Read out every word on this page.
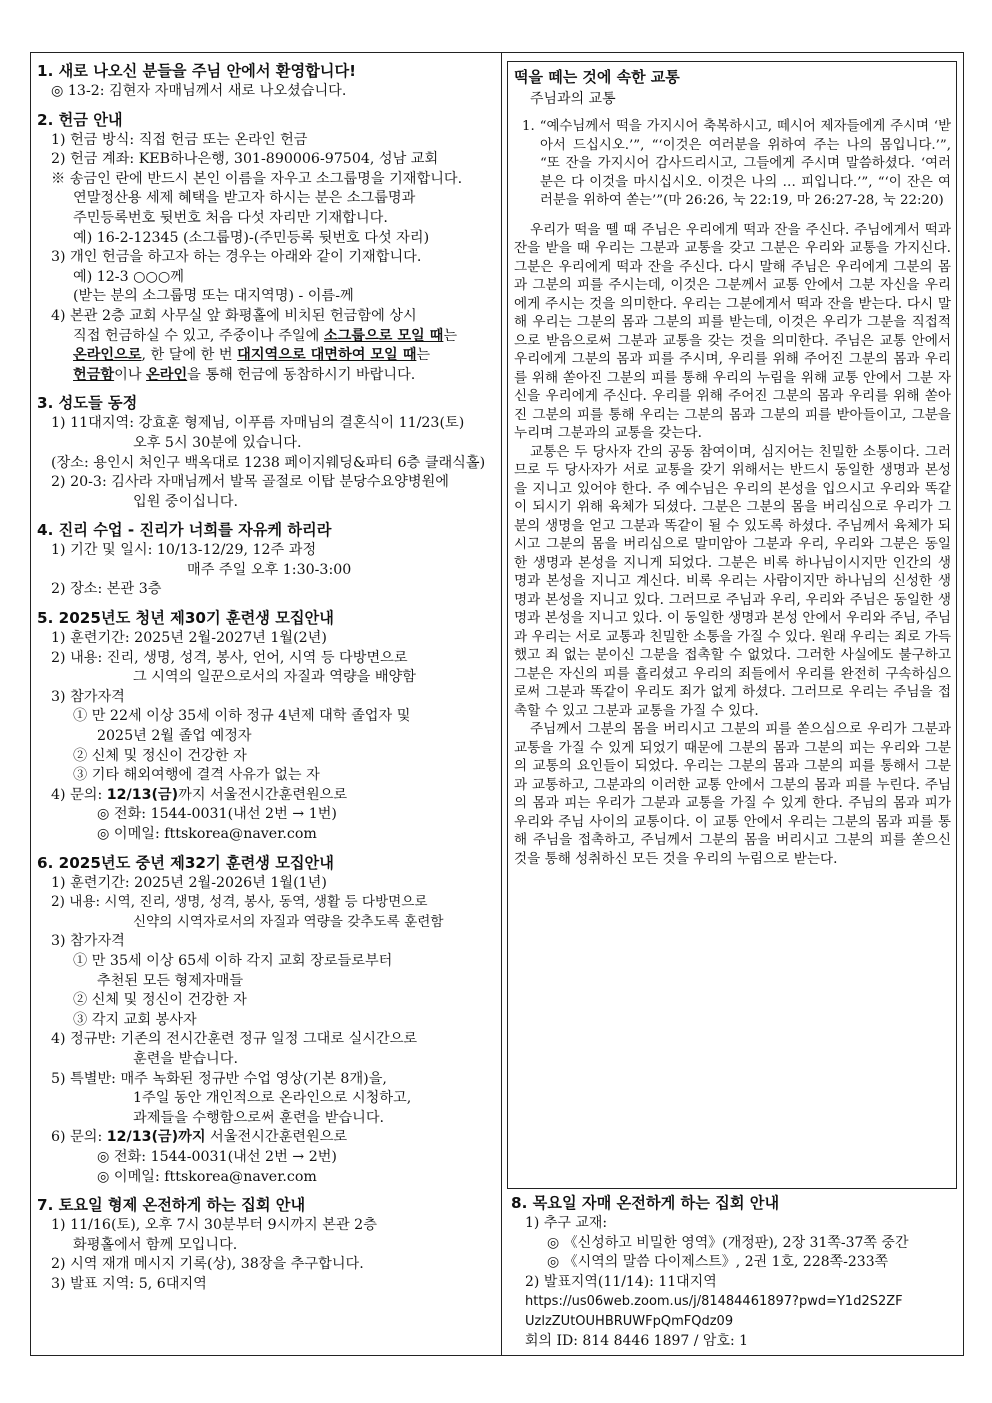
1. 새로 나오신 분들을 주님 안에서 환영합니다!
◎ 13-2: 김현자 자매님께서 새로 나오셨습니다.
2. 헌금 안내
1) 헌금 방식: 직접 헌금 또는 온라인 헌금
2) 헌금 계좌: KEB하나은행, 301-890006-97504, 성남 교회
※ 송금인 란에 반드시 본인 이름을 자우고 소그룹명을 기재합니다.
연말정산용 세제 혜택을 받고자 하시는 분은 소그룹명과
주민등록번호 뒷번호 처음 다섯 자리만 기재합니다.
예) 16-2-12345 (소그룹명)-(주민등록 뒷번호 다섯 자리)
3) 개인 헌금을 하고자 하는 경우는 아래와 같이 기재합니다.
예) 12-3 ○○○께
(받는 분의 소그룹명 또는 대지역명) - 이름-께
4) 본관 2층 교회 사무실 앞 화평홀에 비치된 헌금함에 상시
직접 헌금하실 수 있고, 주중이나 주일에 소그룹으로 모일 때는
온라인으로, 한 달에 한 번 대지역으로 대면하여 모일 때는
헌금함이나 온라인을 통해 헌금에 동참하시기 바랍니다.
3. 성도들 동정
1) 11대지역: 강효훈 형제님, 이푸름 자매님의 결혼식이 11/23(토)
오후 5시 30분에 있습니다.
(장소: 용인시 처인구 백옥대로 1238 페이지웨딩&파티 6층 클래식홀)
2) 20-3: 김사라 자매님께서 발목 골절로 이탑 분당수요양병원에
입원 중이십니다.
4. 진리 수업 - 진리가 너희를 자유케 하리라
1) 기간 및 일시: 10/13-12/29, 12주 과정
매주 주일 오후 1:30-3:00
2) 장소: 본관 3층
5. 2025년도 청년 제30기 훈련생 모집안내
1) 훈련기간: 2025년 2월-2027년 1월(2년)
2) 내용: 진리, 생명, 성격, 봉사, 언어, 시역 등 다방면으로
그 시역의 일꾼으로서의 자질과 역량을 배양함
3) 참가자격
① 만 22세 이상 35세 이하 정규 4년제 대학 졸업자 및
2025년 2월 졸업 예정자
② 신체 및 정신이 건강한 자
③ 기타 해외여행에 결격 사유가 없는 자
4) 문의: 12/13(금)까지 서울전시간훈련원으로
◎ 전화: 1544-0031(내선 2번 → 1번)
◎ 이메일: fttskorea@naver.com
6. 2025년도 중년 제32기 훈련생 모집안내
1) 훈련기간: 2025년 2월-2026년 1월(1년)
2) 내용: 시역, 진리, 생명, 성격, 봉사, 동역, 생활 등 다방면으로
신약의 시역자로서의 자질과 역량을 갖추도록 훈련함
3) 참가자격
① 만 35세 이상 65세 이하 각지 교회 장로들로부터
추천된 모든 형제자매들
② 신체 및 정신이 건강한 자
③ 각지 교회 봉사자
4) 정규반: 기존의 전시간훈련 정규 일정 그대로 실시간으로
훈련을 받습니다.
5) 특별반: 매주 녹화된 정규반 수업 영상(기본 8개)을,
1주일 동안 개인적으로 온라인으로 시청하고,
과제들을 수행함으로써 훈련을 받습니다.
6) 문의: 12/13(금)까지 서울전시간훈련원으로
◎ 전화: 1544-0031(내선 2번 → 2번)
◎ 이메일: fttskorea@naver.com
7. 토요일 형제 온전하게 하는 집회 안내
1) 11/16(토), 오후 7시 30분부터 9시까지 본관 2층
화평홀에서 함께 모입니다.
2) 시역 재개 메시지 기록(상), 38장을 추구합니다.
3) 발표 지역: 5, 6대지역
떡을 떼는 것에 속한 교통
주님과의 교통
1. “예수님께서 떡을 가지시어 축복하시고, 떼시어 제자들에게 주시며 ‘받아서 드십시오.’”, “‘이것은 여러분을 위하여 주는 나의 몸입니다.’”, “또 잔을 가지시어 감사드리시고, 그들에게 주시며 말씀하셨다. ‘여러분은 다 이것을 마시십시오. 이것은 나의 … 피입니다.’”, “‘이 잔은 여러분을 위하여 쏟는’”(마 26:26, 눅 22:19, 마 26:27-28, 눅 22:20)

우리가 떡을 뗄 때 주님은 우리에게 떡과 잔을 주신다. 주님에게서 떡과 잔을 받을 때 우리는 그분과 교통을 갖고 그분은 우리와 교통을 가지신다. 그분은 우리에게 떡과 잔을 주신다. 다시 말해 주님은 우리에게 그분의 몸과 그분의 피를 주시는데, 이것은 그분께서 교통 안에서 그분 자신을 우리에게 주시는 것을 의미한다. 우리는 그분에게서 떡과 잔을 받는다. 다시 말해 우리는 그분의 몸과 그분의 피를 받는데, 이것은 우리가 그분을 직접적으로 받음으로써 그분과 교통을 갖는 것을 의미한다. 주님은 교통 안에서 우리에게 그분의 몸과 피를 주시며, 우리를 위해 주어진 그분의 몸과 우리를 위해 쏟아진 그분의 피를 통해 우리의 누림을 위해 교통 안에서 그분 자신을 우리에게 주신다. 우리를 위해 주어진 그분의 몸과 우리를 위해 쏟아진 그분의 피를 통해 우리는 그분의 몸과 그분의 피를 받아들이고, 그분을 누리며 그분과의 교통을 갖는다.

교통은 두 당사자 간의 공동 참여이며, 심지어는 친밀한 소통이다. 그러므로 두 당사자가 서로 교통을 갖기 위해서는 반드시 동일한 생명과 본성을 지니고 있어야 한다. 주 예수님은 우리의 본성을 입으시고 우리와 똑같이 되시기 위해 육체가 되셨다. 그분은 그분의 몸을 버리심으로 우리가 그분의 생명을 얻고 그분과 똑같이 될 수 있도록 하셨다. 주님께서 육체가 되시고 그분의 몸을 버리심으로 말미암아 그분과 우리, 우리와 그분은 동일한 생명과 본성을 지니게 되었다. 그분은 비록 하나님이시지만 인간의 생명과 본성을 지니고 계신다. 비록 우리는 사람이지만 하나님의 신성한 생명과 본성을 지니고 있다. 그러므로 주님과 우리, 우리와 주님은 동일한 생명과 본성을 지니고 있다. 이 동일한 생명과 본성 안에서 우리와 주님, 주님과 우리는 서로 교통과 친밀한 소통을 가질 수 있다. 원래 우리는 죄로 가득했고 죄 없는 분이신 그분을 접촉할 수 없었다. 그러한 사실에도 불구하고 그분은 자신의 피를 흘리셨고 우리의 죄들에서 우리를 완전히 구속하심으로써 그분과 똑같이 우리도 죄가 없게 하셨다. 그러므로 우리는 주님을 접촉할 수 있고 그분과 교통을 가질 수 있다.

주님께서 그분의 몸을 버리시고 그분의 피를 쏟으심으로 우리가 그분과 교통을 가질 수 있게 되었기 때문에 그분의 몸과 그분의 피는 우리와 그분의 교통의 요인들이 되었다. 우리는 그분의 몸과 그분의 피를 통해서 그분과 교통하고, 그분과의 이러한 교통 안에서 그분의 몸과 피를 누린다. 주님의 몸과 피는 우리가 그분과 교통을 가질 수 있게 한다. 주님의 몸과 피가 우리와 주님 사이의 교통이다. 이 교통 안에서 우리는 그분의 몸과 피를 통해 주님을 접촉하고, 주님께서 그분의 몸을 버리시고 그분의 피를 쏟으신 것을 통해 성취하신 모든 것을 우리의 누림으로 받는다.

8. 목요일 자매 온전하게 하는 집회 안내
1) 추구 교재:
◎ 《신성하고 비밀한 영역》(개정판), 2장 31쪽-37쪽 중간
◎ 《시역의 말씀 다이제스트》, 2권 1호, 228쪽-233쪽
2) 발표지역(11/14): 11대지역
https://us06web.zoom.us/j/81484461897?pwd=Y1d2S2ZF
UzlzZUtOUHBRUWFpQmFQdz09
회의 ID: 814 8446 1897 / 암호: 1
